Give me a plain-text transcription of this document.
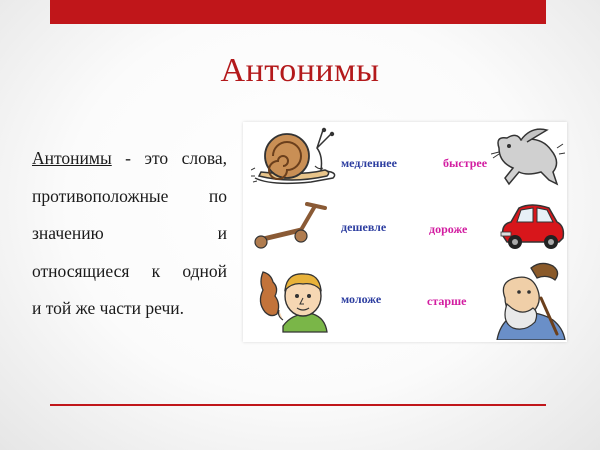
Антонимы
Антонимы - это слова,
противоположные по
значению	и
относящиеся к одной
и той же части речи.
медленнее	быстрее
дешевле	дороже
моложе	старше
